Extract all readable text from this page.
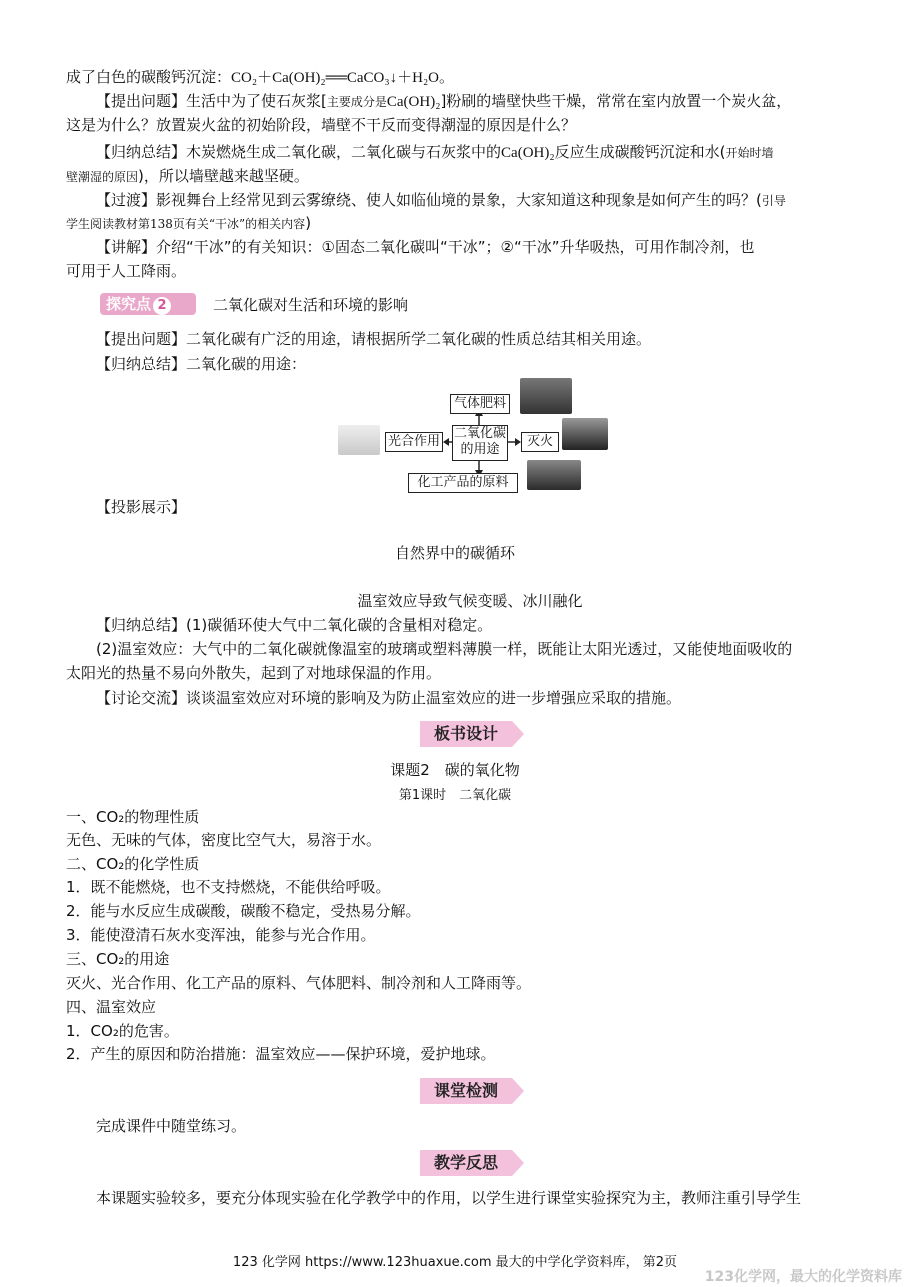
成了白色的碳酸钙沉淀：CO₂＋Ca(OH)₂══CaCO₃↓＋H₂O。
【提出问题】生活中为了使石灰浆[主要成分是Ca(OH)₂]粉刷的墙壁快些干燥，常常在室内放置一个炭火盆，
这是为什么？放置炭火盆的初始阶段，墙壁不干反而变得潮湿的原因是什么？
【归纳总结】木炭燃烧生成二氧化碳，二氧化碳与石灰浆中的Ca(OH)₂反应生成碳酸钙沉淀和水(开始时墙
壁潮湿的原因)，所以墙壁越来越坚硬。
【过渡】影视舞台上经常见到云雾缭绕、使人如临仙境的景象，大家知道这种现象是如何产生的吗？(引导
学生阅读教材第138页有关“干冰”的相关内容)
【讲解】介绍“干冰”的有关知识：①固态二氧化碳叫“干冰”；②“干冰”升华吸热，可用作制冷剂，也
可用于人工降雨。
探究点 2	二氧化碳对生活和环境的影响
【提出问题】二氧化碳有广泛的用途，请根据所学二氧化碳的性质总结其相关用途。
【归纳总结】二氧化碳的用途：
气体肥料
光合作用
二氧化碳
的用途
灭火
化工产品的原料
【投影展示】
自然界中的碳循环
温室效应导致气候变暖、冰川融化
【归纳总结】(1)碳循环使大气中二氧化碳的含量相对稳定。
(2)温室效应：大气中的二氧化碳就像温室的玻璃或塑料薄膜一样，既能让太阳光透过，又能使地面吸收的
太阳光的热量不易向外散失，起到了对地球保温的作用。
【讨论交流】谈谈温室效应对环境的影响及为防止温室效应的进一步增强应采取的措施。
板书设计
课题2　碳的氧化物
第1课时　二氧化碳
一、CO₂的物理性质
无色、无味的气体，密度比空气大，易溶于水。
二、CO₂的化学性质
1．既不能燃烧，也不支持燃烧，不能供给呼吸。
2．能与水反应生成碳酸，碳酸不稳定，受热易分解。
3．能使澄清石灰水变浑浊，能参与光合作用。
三、CO₂的用途
灭火、光合作用、化工产品的原料、气体肥料、制冷剂和人工降雨等。
四、温室效应
1．CO₂的危害。
2．产生的原因和防治措施：温室效应——保护环境，爱护地球。
课堂检测
完成课件中随堂练习。
教学反思
本课题实验较多，要充分体现实验在化学教学中的作用，以学生进行课堂实验探究为主，教师注重引导学生
123 化学网 https://www.123huaxue.com 最大的中学化学资料库， 第2页
123化学网，最大的化学资料库
